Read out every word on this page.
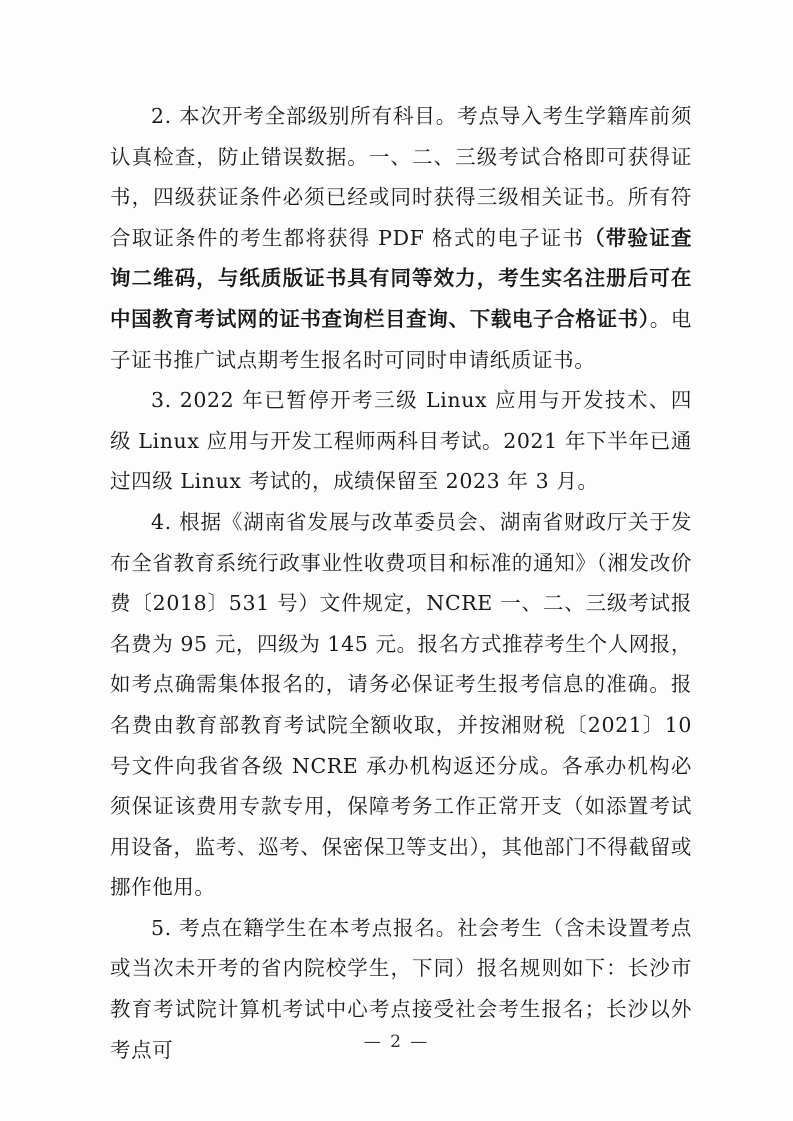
2. 本次开考全部级别所有科目。考点导入考生学籍库前须认真检查，防止错误数据。一、二、三级考试合格即可获得证书，四级获证条件必须已经或同时获得三级相关证书。所有符合取证条件的考生都将获得 PDF 格式的电子证书（带验证查询二维码，与纸质版证书具有同等效力，考生实名注册后可在中国教育考试网的证书查询栏目查询、下载电子合格证书）。电子证书推广试点期考生报名时可同时申请纸质证书。

3. 2022 年已暂停开考三级 Linux 应用与开发技术、四级 Linux 应用与开发工程师两科目考试。2021 年下半年已通过四级 Linux 考试的，成绩保留至 2023 年 3 月。

4. 根据《湖南省发展与改革委员会、湖南省财政厅关于发布全省教育系统行政事业性收费项目和标准的通知》（湘发改价费〔2018〕531 号）文件规定，NCRE 一、二、三级考试报名费为 95 元，四级为 145 元。报名方式推荐考生个人网报，如考点确需集体报名的，请务必保证考生报考信息的准确。报名费由教育部教育考试院全额收取，并按湘财税〔2021〕10 号文件向我省各级 NCRE 承办机构返还分成。各承办机构必须保证该费用专款专用，保障考务工作正常开支（如添置考试用设备，监考、巡考、保密保卫等支出），其他部门不得截留或挪作他用。

5. 考点在籍学生在本考点报名。社会考生（含未设置考点或当次未开考的省内院校学生，下同）报名规则如下：长沙市教育考试院计算机考试中心考点接受社会考生报名；长沙以外考点可	— 2 —
